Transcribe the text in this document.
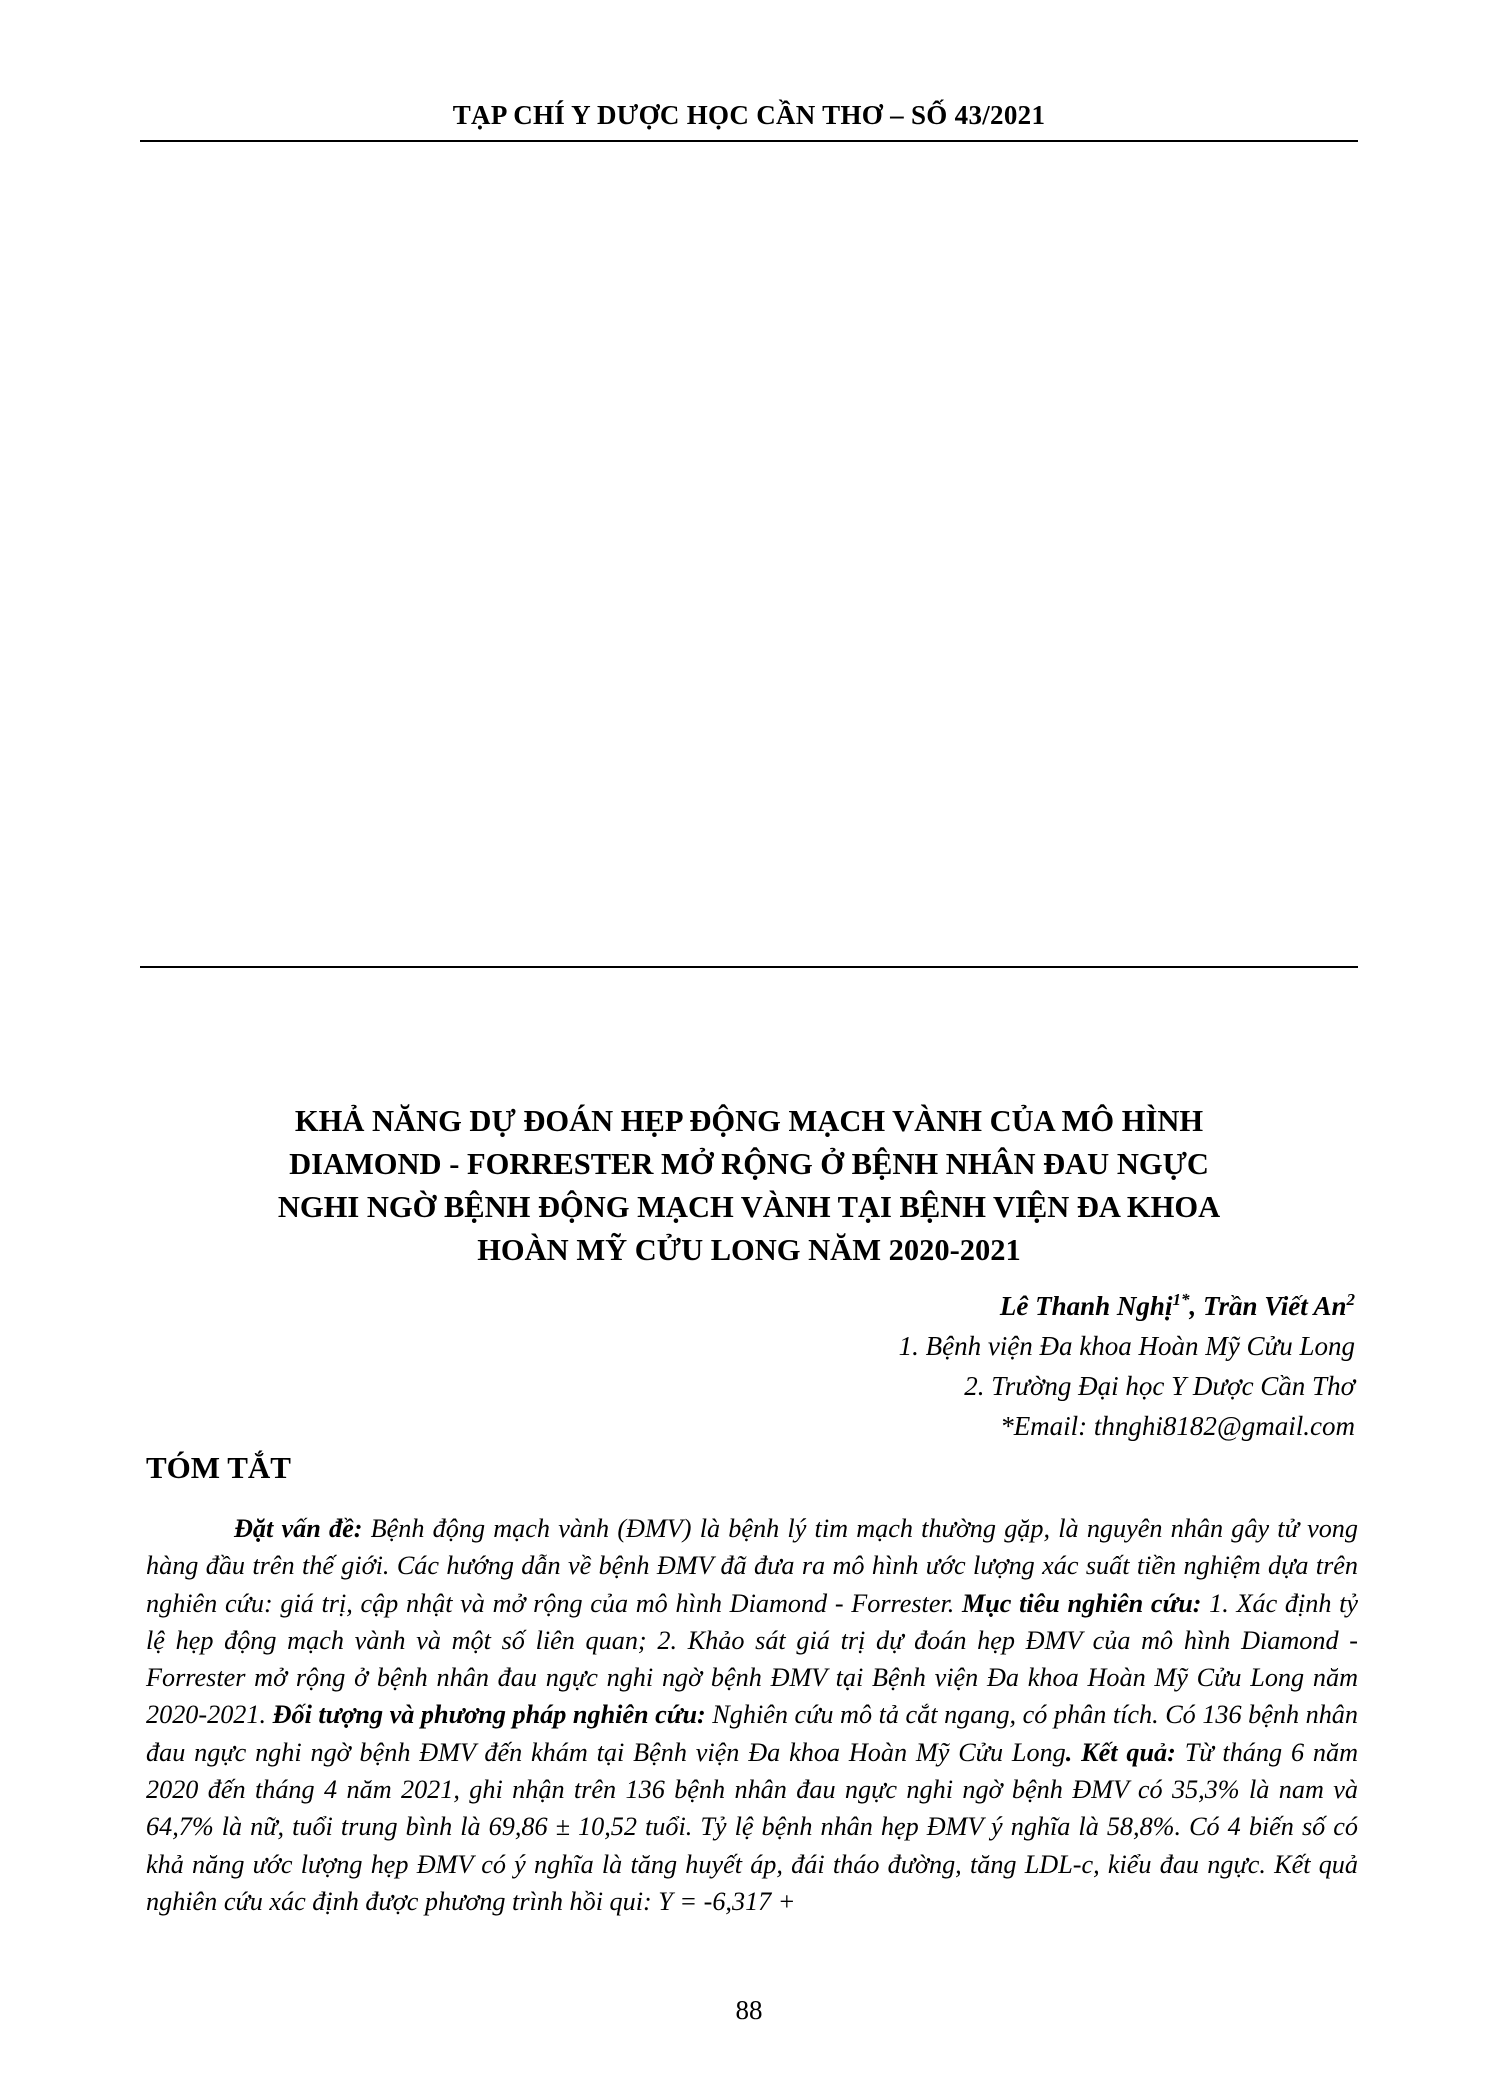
TẠP CHÍ Y DƯỢC HỌC CẦN THƠ – SỐ 43/2021
KHẢ NĂNG DỰ ĐOÁN HẸP ĐỘNG MẠCH VÀNH CỦA MÔ HÌNH
DIAMOND - FORRESTER MỞ RỘNG Ở BỆNH NHÂN ĐAU NGỰC
NGHI NGỜ BỆNH ĐỘNG MẠCH VÀNH TẠI BỆNH VIỆN ĐA KHOA
HOÀN MỸ CỬU LONG NĂM 2020-2021
Lê Thanh Nghị$^{1*}$, Trần Viết An$^2$
1. Bệnh viện Đa khoa Hoàn Mỹ Cửu Long
2. Trường Đại học Y Dược Cần Thơ
*Email: thnghi8182@gmail.com
TÓM TẮT

Đặt vấn đề: Bệnh động mạch vành (ĐMV) là bệnh lý tim mạch thường gặp, là nguyên nhân gây tử vong hàng đầu trên thế giới. Các hướng dẫn về bệnh ĐMV đã đưa ra mô hình ước lượng xác suất tiền nghiệm dựa trên nghiên cứu: giá trị, cập nhật và mở rộng của mô hình Diamond - Forrester. Mục tiêu nghiên cứu: 1. Xác định tỷ lệ hẹp động mạch vành và một số liên quan; 2. Khảo sát giá trị dự đoán hẹp ĐMV của mô hình Diamond - Forrester mở rộng ở bệnh nhân đau ngực nghi ngờ bệnh ĐMV tại Bệnh viện Đa khoa Hoàn Mỹ Cửu Long năm 2020-2021. Đối tượng và phương pháp nghiên cứu: Nghiên cứu mô tả cắt ngang, có phân tích. Có 136 bệnh nhân đau ngực nghi ngờ bệnh ĐMV đến khám tại Bệnh viện Đa khoa Hoàn Mỹ Cửu Long. Kết quả: Từ tháng 6 năm 2020 đến tháng 4 năm 2021, ghi nhận trên 136 bệnh nhân đau ngực nghi ngờ bệnh ĐMV có 35,3% là nam và 64,7% là nữ, tuổi trung bình là 69,86 ± 10,52 tuổi. Tỷ lệ bệnh nhân hẹp ĐMV ý nghĩa là 58,8%. Có 4 biến số có khả năng ước lượng hẹp ĐMV có ý nghĩa là tăng huyết áp, đái tháo đường, tăng LDL-c, kiểu đau ngực. Kết quả nghiên cứu xác định được phương trình hồi qui: Y = -6,317 +

88
